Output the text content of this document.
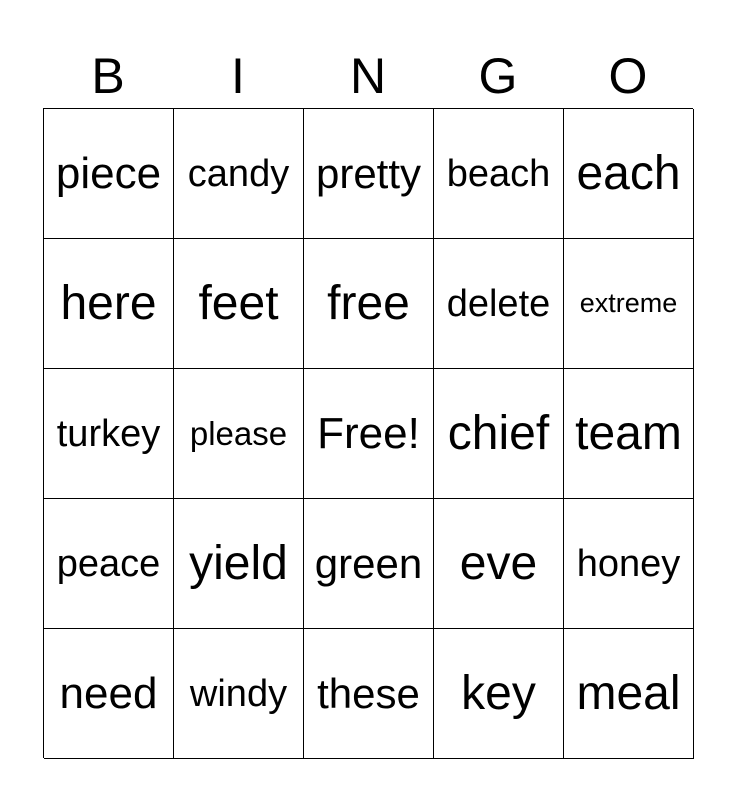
B	I	N	G	O
piece candy pretty beach each
here feet	free delete	extreme
turkey please Free! chief team
peace yield green eve	honey
need windy these key meal
